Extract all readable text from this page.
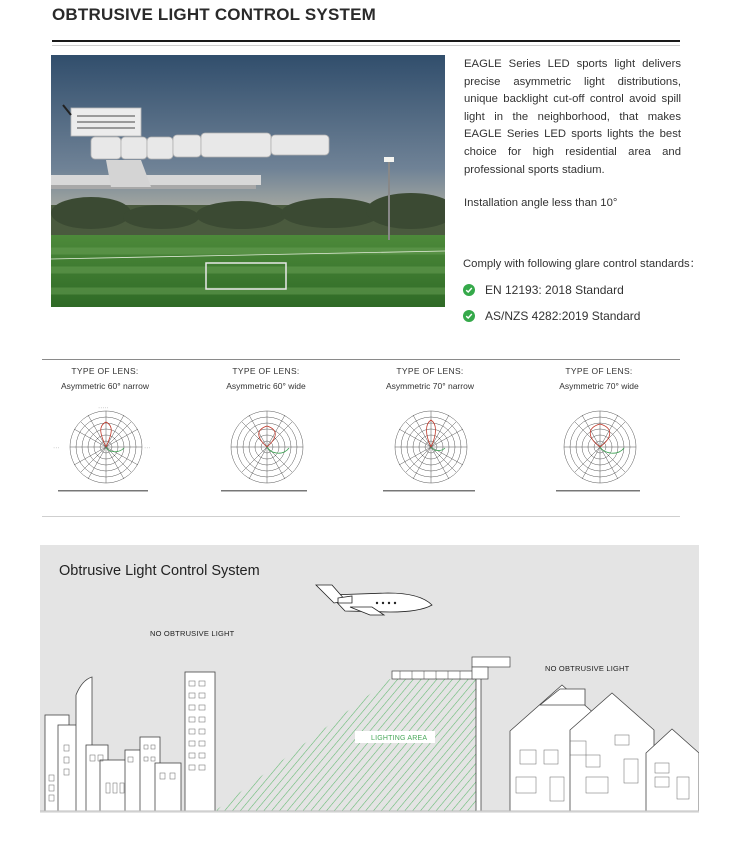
OBTRUSIVE LIGHT CONTROL SYSTEM
EAGLE Series LED sports light delivers precise asymmetric light distributions, unique backlight cut-off control avoid spill light in the neighborhood, that makes EAGLE Series LED sports lights the best choice for high residential area and professional sports stadium.
Installation angle less than 10°
Comply with following glare control standards：
EN 12193: 2018 Standard
AS/NZS 4282:2019 Standard
TYPE OF LENS:
Asymmetric 60° narrow
·····
···
···
TYPE OF LENS:
Asymmetric 60° wide
TYPE OF LENS:
Asymmetric 70° narrow
TYPE OF LENS:
Asymmetric 70° wide
Obtrusive Light Control System
NO OBTRUSIVE LIGHT
NO OBTRUSIVE LIGHT
LIGHTING AREA
